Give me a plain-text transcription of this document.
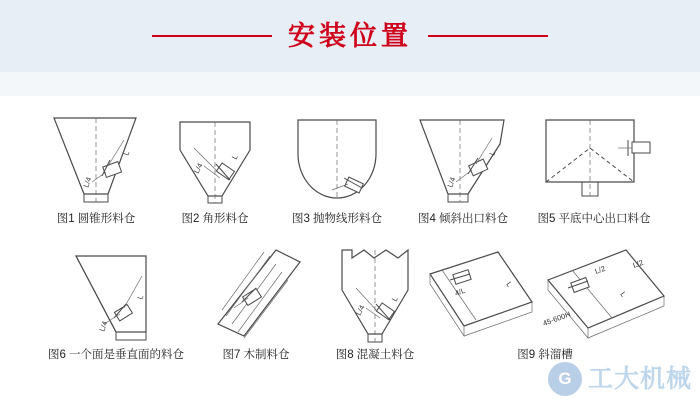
安装位置
L/4
L
图1 圆锥形料仓
L/4
L
图2 角形料仓	图3 抛物线形料仓
L/4
L
图4 倾斜出口料仓	图5 平底中心出口料仓
L/4
L
图6 一个面是垂直面的料仓	图7 木制料仓
L/4
L
图8 混凝土料仓
4/L
L
L/2	L/2
L
45-600H
图9 斜溜槽
G 工大机械
